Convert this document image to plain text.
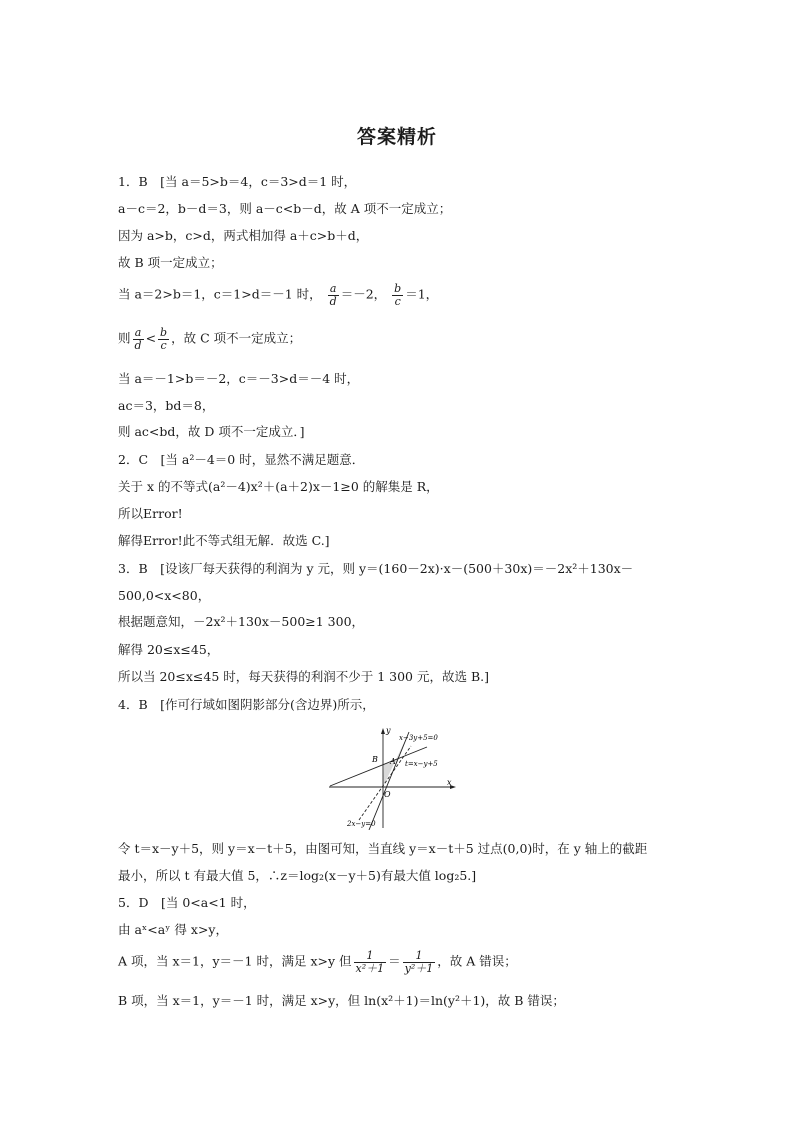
答案精析
1．B　[当 a＝5>b＝4，c＝3>d＝1 时，
a－c＝2，b－d＝3，则 a－c<b－d，故 A 项不一定成立；
因为 a>b，c>d，两式相加得 a＋c>b＋d，
故 B 项一定成立；
当 a＝2>b＝1，c＝1>d＝－1 时， $\frac{a}{d} =-2$， $\frac{b}{c} =1$，
则 $\frac{a}{d} < \frac{b}{c}$ ，故 C 项不一定成立；
当 a＝－1>b＝－2，c＝－3>d＝－4 时，
ac＝3，bd＝8，
则 ac<bd，故 D 项不一定成立．]
2．C　[当 a²－4＝0 时，显然不满足题意．
关于 x 的不等式(a²－4)x²＋(a＋2)x－1≥0 的解集是 R，
所以Error!
解得Error!此不等式组无解．故选 C.]
3．B　[设该厂每天获得的利润为 y 元，则 y＝(160－2x)·x－(500＋30x)＝－2x²＋130x－
500,0<x<80，
根据题意知，－2x²＋130x－500≥1 300，
解得 20≤x≤45，
所以当 20≤x≤45 时，每天获得的利润不少于 1 300 元，故选 B.]
4．B　[作可行域如图阴影部分(含边界)所示，
y
x
O
A
B
x−3y+5=0
t=x−y+5
2x−y=0
令 t＝x－y＋5，则 y＝x－t＋5，由图可知，当直线 y＝x－t＋5 过点(0,0)时，在 y 轴上的截距
最小，所以 t 有最大值 5，∴z＝log₂(x－y＋5)有最大值 log₂5.]
5．D　[当 0<a<1 时，
由 aˣ<aʸ 得 x>y，
A 项，当 x＝1，y＝－1 时，满足 x>y 但 $\frac{1}{\text{x²＋1}} = \frac{1}{\text{y²＋1}}$ ，故 A 错误；
B 项，当 x＝1，y＝－1 时，满足 x>y，但 ln(x²＋1)＝ln(y²＋1)，故 B 错误；
